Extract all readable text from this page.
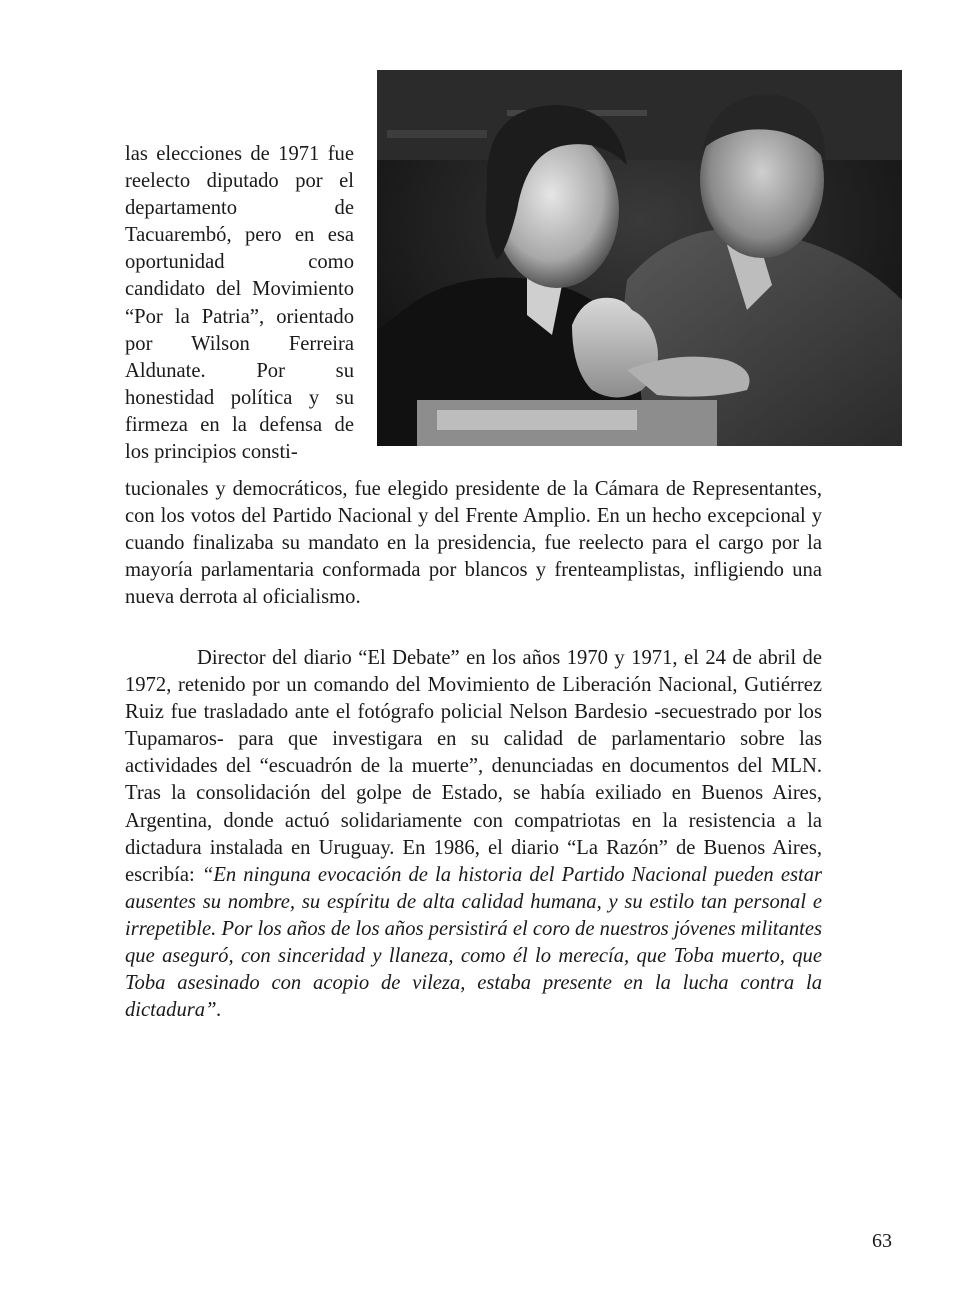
las elecciones de 1971 fue reelecto diputado por el departamento de Tacuarembó, pero en esa oportunidad como candidato del Movimiento “Por la Patria”, orientado por Wilson Ferreira Aldunate. Por su honestidad política y su firmeza en la defensa de los principios consti-

tucionales y democráticos, fue elegido presidente de la Cámara de Representantes, con los votos del Partido Nacional y del Frente Amplio. En un hecho excepcional y cuando finalizaba su mandato en la presidencia, fue reelecto para el cargo por la mayoría parlamentaria conformada por blancos y frenteamplistas, infligiendo una nueva derrota al oficialismo.

Director del diario “El Debate” en los años 1970 y 1971, el 24 de abril de 1972, retenido por un comando del Movimiento de Liberación Nacional, Gutiérrez Ruiz fue trasladado ante el fotógrafo policial Nelson Bardesio -secuestrado por los Tupamaros- para que investigara en su calidad de parlamentario sobre las actividades del “escuadrón de la muerte”, denunciadas en documentos del MLN. Tras la consolidación del golpe de Estado, se había exiliado en Buenos Aires, Argentina, donde actuó solidariamente con compatriotas en la resistencia a la dictadura instalada en Uruguay. En 1986, el diario “La Razón” de Buenos Aires, escribía: “En ninguna evocación de la historia del Partido Nacional pueden estar ausentes su nombre, su espíritu de alta calidad humana, y su estilo tan personal e irrepetible. Por los años de los años persistirá el coro de nuestros jóvenes militantes que aseguró, con sinceridad y llaneza, como él lo merecía, que Toba muerto, que Toba asesinado con acopio de vileza, estaba presente en la lucha contra la dictadura”.

63
